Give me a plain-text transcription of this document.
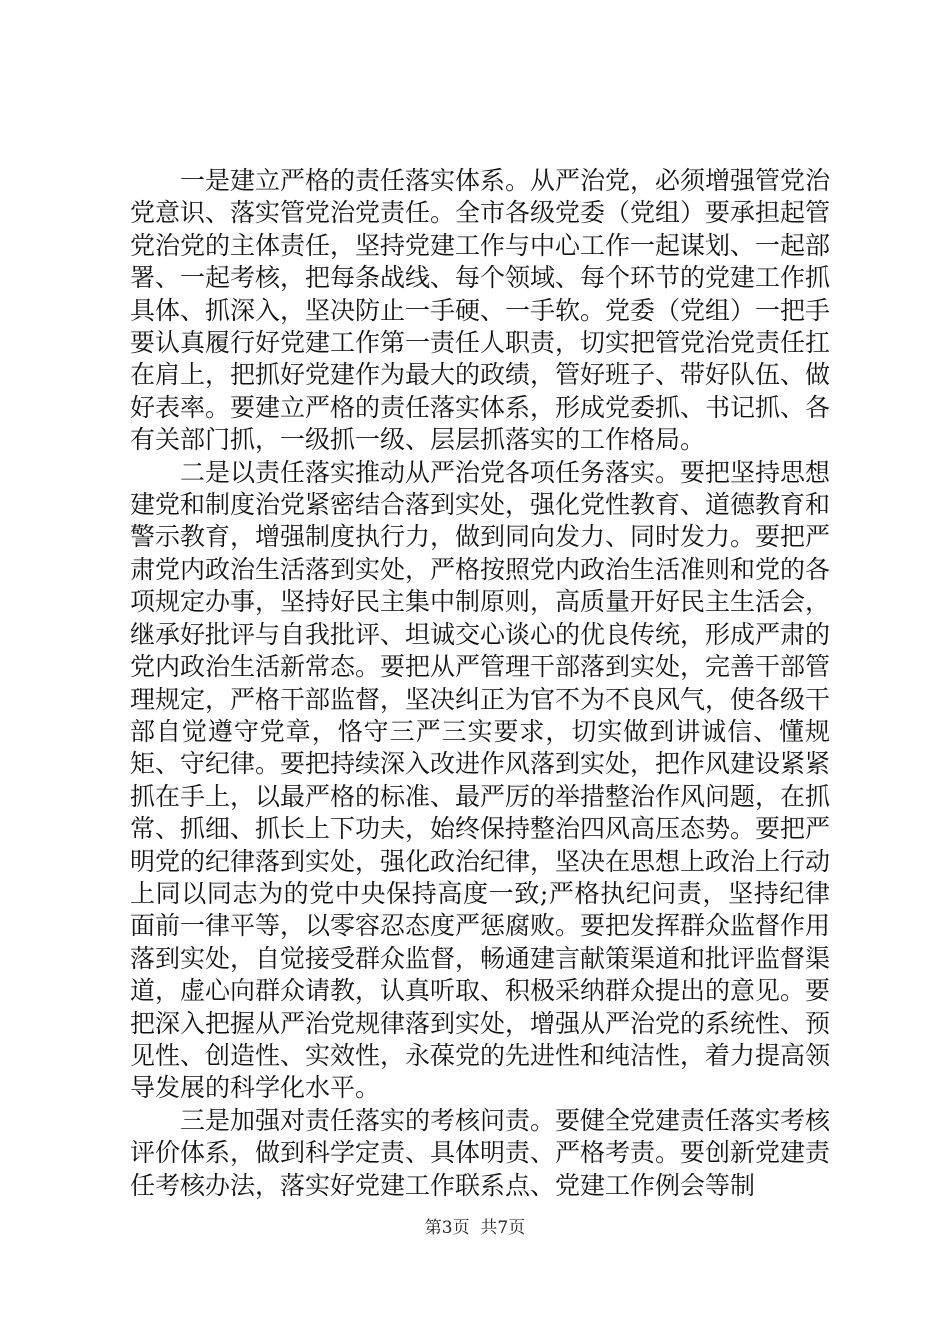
一是建立严格的责任落实体系。从严治党，必须增强管党治党意识、落实管党治党责任。全市各级党委（党组）要承担起管党治党的主体责任，坚持党建工作与中心工作一起谋划、一起部署、一起考核，把每条战线、每个领域、每个环节的党建工作抓具体、抓深入，坚决防止一手硬、一手软。党委（党组）一把手要认真履行好党建工作第一责任人职责，切实把管党治党责任扛在肩上，把抓好党建作为最大的政绩，管好班子、带好队伍、做好表率。要建立严格的责任落实体系，形成党委抓、书记抓、各有关部门抓，一级抓一级、层层抓落实的工作格局。

二是以责任落实推动从严治党各项任务落实。要把坚持思想建党和制度治党紧密结合落到实处，强化党性教育、道德教育和警示教育，增强制度执行力，做到同向发力、同时发力。要把严肃党内政治生活落到实处，严格按照党内政治生活准则和党的各项规定办事，坚持好民主集中制原则，高质量开好民主生活会，继承好批评与自我批评、坦诚交心谈心的优良传统，形成严肃的党内政治生活新常态。要把从严管理干部落到实处，完善干部管理规定，严格干部监督，坚决纠正为官不为不良风气，使各级干部自觉遵守党章，恪守三严三实要求，切实做到讲诚信、懂规矩、守纪律。要把持续深入改进作风落到实处，把作风建设紧紧抓在手上，以最严格的标准、最严厉的举措整治作风问题，在抓常、抓细、抓长上下功夫，始终保持整治四风高压态势。要把严明党的纪律落到实处，强化政治纪律，坚决在思想上政治上行动上同以同志为的党中央保持高度一致;严格执纪问责，坚持纪律面前一律平等，以零容忍态度严惩腐败。要把发挥群众监督作用落到实处，自觉接受群众监督，畅通建言献策渠道和批评监督渠道，虚心向群众请教，认真听取、积极采纳群众提出的意见。要把深入把握从严治党规律落到实处，增强从严治党的系统性、预见性、创造性、实效性，永葆党的先进性和纯洁性，着力提高领导发展的科学化水平。

三是加强对责任落实的考核问责。要健全党建责任落实考核评价体系，做到科学定责、具体明责、严格考责。要创新党建责任考核办法，落实好党建工作联系点、党建工作例会等制

第3页  共7页
